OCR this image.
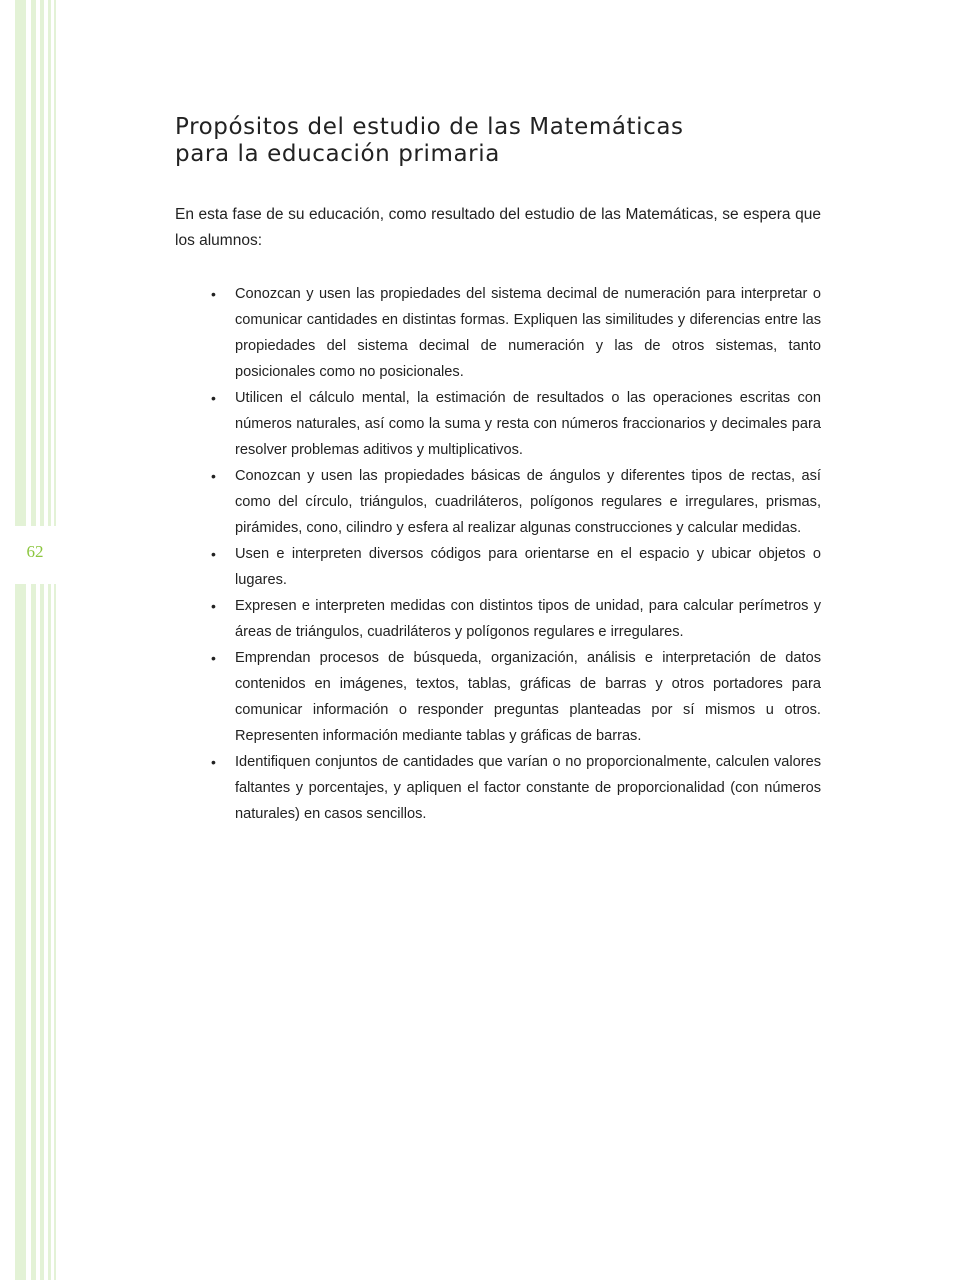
62
Propósitos del estudio de las Matemáticas
para la educación primaria

En esta fase de su educación, como resultado del estudio de las Matemáticas, se espera que los alumnos:

• Conozcan y usen las propiedades del sistema decimal de numeración para interpretar o comunicar cantidades en distintas formas. Expliquen las similitudes y diferencias entre las propiedades del sistema decimal de numeración y las de otros sistemas, tanto posicionales como no posicionales.
• Utilicen el cálculo mental, la estimación de resultados o las operaciones escritas con números naturales, así como la suma y resta con números fraccionarios y decimales para resolver problemas aditivos y multiplicativos.
• Conozcan y usen las propiedades básicas de ángulos y diferentes tipos de rectas, así como del círculo, triángulos, cuadriláteros, polígonos regulares e irregulares, prismas, pirámides, cono, cilindro y esfera al realizar algunas construcciones y calcular medidas.
• Usen e interpreten diversos códigos para orientarse en el espacio y ubicar objetos o lugares.
• Expresen e interpreten medidas con distintos tipos de unidad, para calcular perímetros y áreas de triángulos, cuadriláteros y polígonos regulares e irregulares.
• Emprendan procesos de búsqueda, organización, análisis e interpretación de datos contenidos en imágenes, textos, tablas, gráficas de barras y otros portadores para comunicar información o responder preguntas planteadas por sí mismos u otros. Representen información mediante tablas y gráficas de barras.
• Identifiquen conjuntos de cantidades que varían o no proporcionalmente, calculen valores faltantes y porcentajes, y apliquen el factor constante de proporcionalidad (con números naturales) en casos sencillos.
